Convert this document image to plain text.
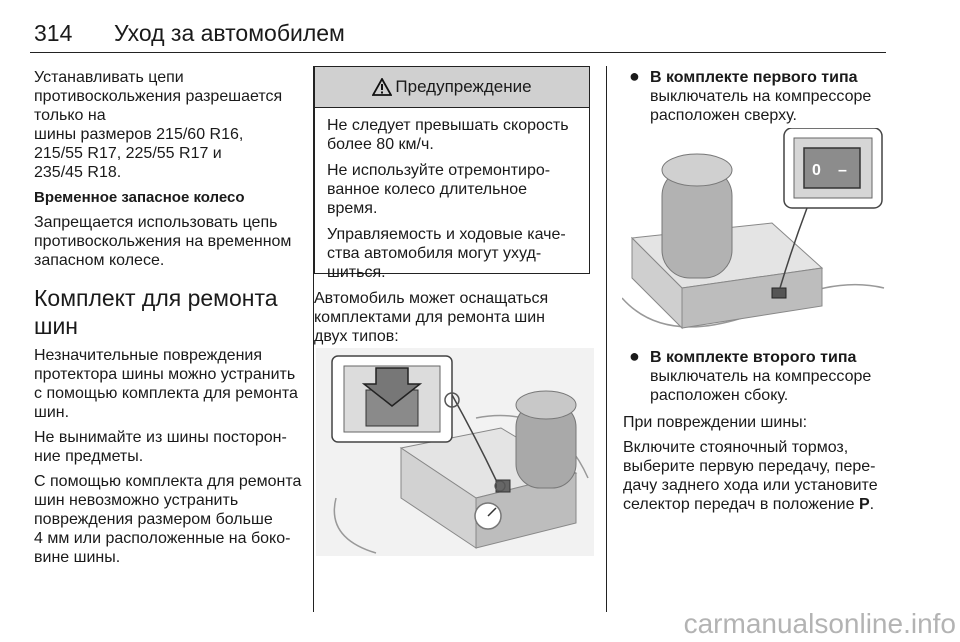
314 Уход за автомобилем

Устанавливать цепи противоскольжения разрешается только на
шины размеров 215/60 R16,
215/55 R17, 225/55 R17 и
235/45 R18.

Временное запасное колесо

Запрещается использовать цепь
противоскольжения на временном
запасном колесе.

Комплект для ремонта
шин

Незначительные повреждения
протектора шины можно устранить
с помощью комплекта для ремонта
шин.

Не вынимайте из шины посторон-
ние предметы.

С помощью комплекта для ремонта
шин невозможно устранить
повреждения размером больше
4 мм или расположенные на боко-
вине шины.

Предупреждение

Не следует превышать скорость
более 80 км/ч.

Не используйте отремонтиро-
ванное колесо длительное
время.

Управляемость и ходовые каче-
ства автомобиля могут ухуд-
шиться.

Автомобиль может оснащаться
комплектами для ремонта шин
двух типов:

● В комплекте первого типа
выключатель на компрессоре
расположен сверху.
0 –
● В комплекте второго типа
выключатель на компрессоре
расположен сбоку.

При повреждении шины:

Включите стояночный тормоз,
выберите первую передачу, пере-
дачу заднего хода или установите
селектор передач в положение P.

carmanualsonline.info
